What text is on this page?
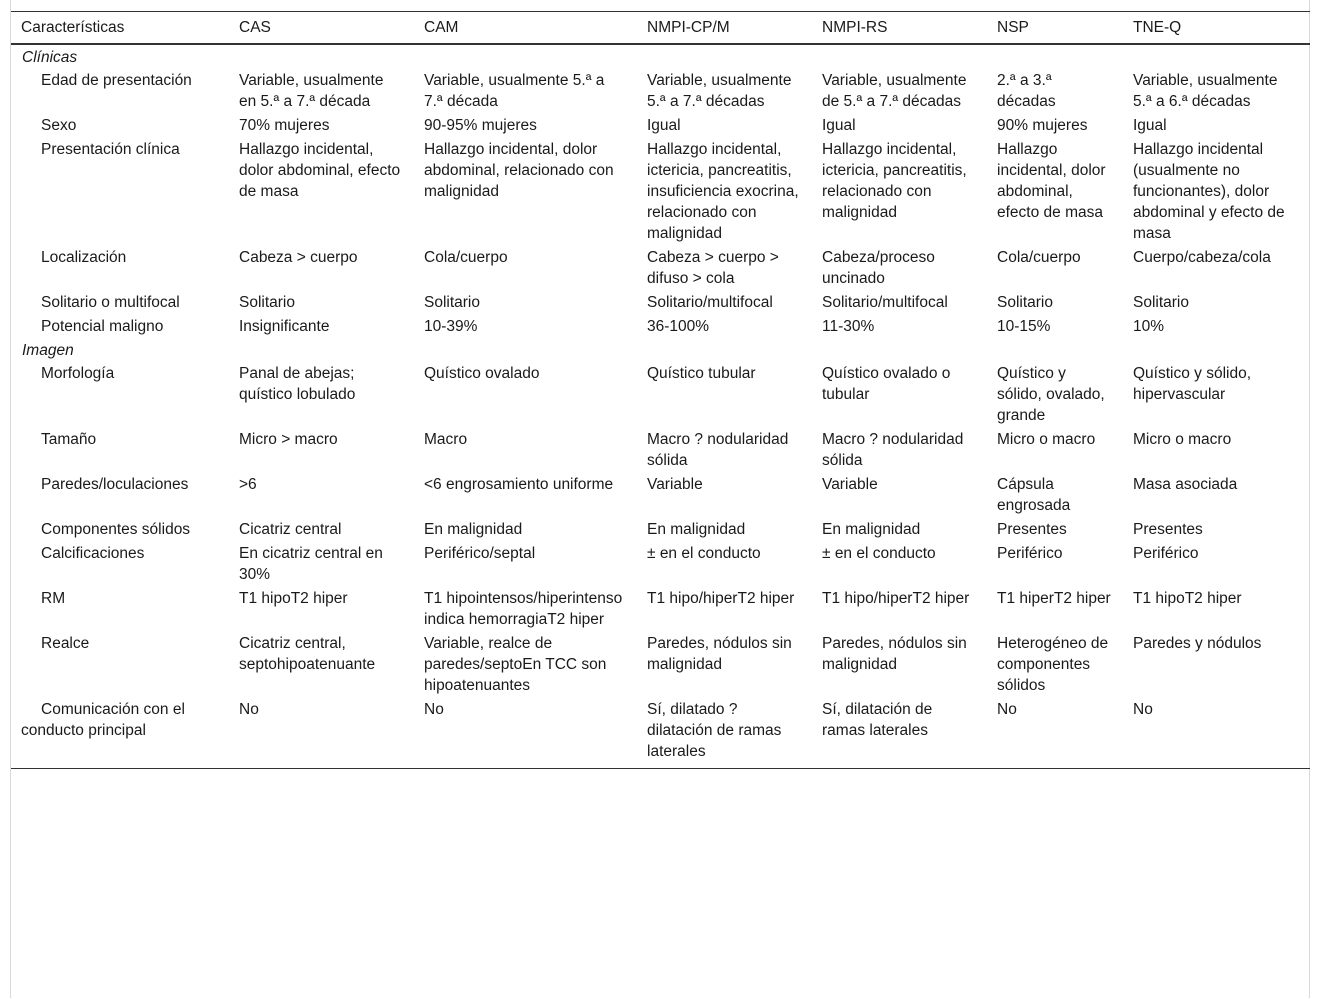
Características	CAS	CAM	NMPI-CP/M	NMPI-RS	NSP	TNE-Q
Clínicas						
Edad de presentación	Variable, usualmente en 5.ª a 7.ª década	Variable, usualmente 5.ª a 7.ª década	Variable, usualmente 5.ª a 7.ª décadas	Variable, usualmente de 5.ª a 7.ª décadas	2.ª a 3.ª décadas	Variable, usualmente 5.ª a 6.ª décadas
Sexo	70% mujeres	90-95% mujeres	Igual	Igual	90% mujeres	Igual
Presentación clínica	Hallazgo incidental, dolor abdominal, efecto de masa	Hallazgo incidental, dolor abdominal, relacionado con malignidad	Hallazgo incidental, ictericia, pancreatitis, insuficiencia exocrina, relacionado con malignidad	Hallazgo incidental, ictericia, pancreatitis, relacionado con malignidad	Hallazgo incidental, dolor abdominal, efecto de masa	Hallazgo incidental (usualmente no funcionantes), dolor abdominal y efecto de masa
Localización	Cabeza > cuerpo	Cola/cuerpo	Cabeza > cuerpo > difuso > cola	Cabeza/proceso uncinado	Cola/cuerpo	Cuerpo/cabeza/cola
Solitario o multifocal	Solitario	Solitario	Solitario/multifocal	Solitario/multifocal	Solitario	Solitario
Potencial maligno	Insignificante	10-39%	36-100%	11-30%	10-15%	10%
Imagen						
Morfología	Panal de abejas; quístico lobulado	Quístico ovalado	Quístico tubular	Quístico ovalado o tubular	Quístico y sólido, ovalado, grande	Quístico y sólido, hipervascular
Tamaño	Micro > macro	Macro	Macro ? nodularidad sólida	Macro ? nodularidad sólida	Micro o macro	Micro o macro
Paredes/loculaciones	>6	<6 engrosamiento uniforme	Variable	Variable	Cápsula engrosada	Masa asociada
Componentes sólidos	Cicatriz central	En malignidad	En malignidad	En malignidad	Presentes	Presentes
Calcificaciones	En cicatriz central en 30%	Periférico/septal	± en el conducto	± en el conducto	Periférico	Periférico
RM	T1 hipoT2 hiper	T1 hipointensos/hiperintenso indica hemorragiaT2 hiper	T1 hipo/hiperT2 hiper	T1 hipo/hiperT2 hiper	T1 hiperT2 hiper	T1 hipoT2 hiper
Realce	Cicatriz central, septohipoatenuante	Variable, realce de paredes/septoEn TCC son hipoatenuantes	Paredes, nódulos sin malignidad	Paredes, nódulos sin malignidad	Heterogéneo de componentes sólidos	Paredes y nódulos
Comunicación con el conducto principal	No	No	Sí, dilatado ? dilatación de ramas laterales	Sí, dilatación de ramas laterales	No	No
